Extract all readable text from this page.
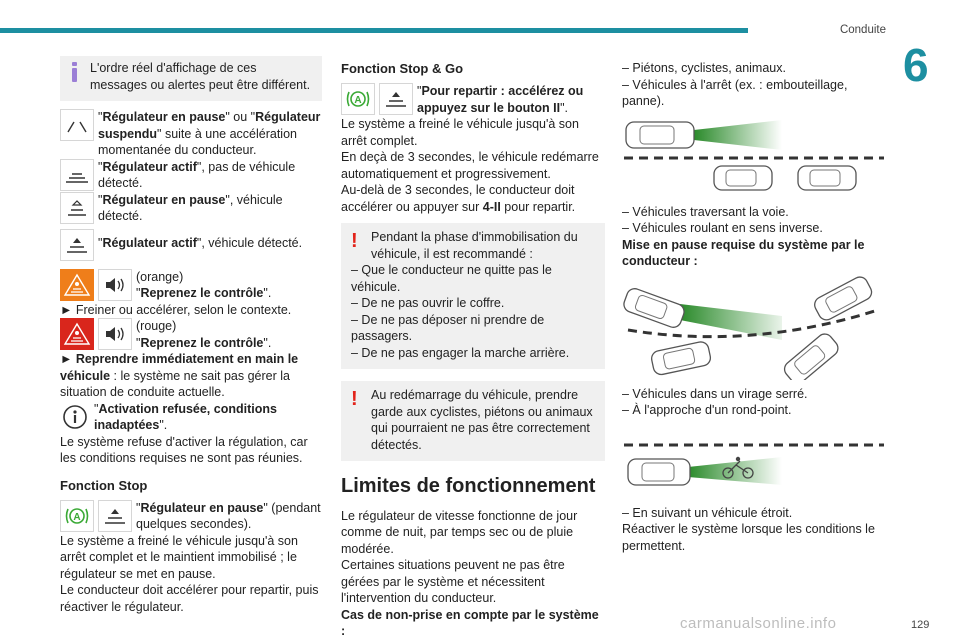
Conduite
6
129
carmanualsonline.info

L'ordre réel d'affichage de ces messages ou alertes peut être différent.

"Régulateur en pause" ou "Régulateur suspendu" suite à une accélération momentanée du conducteur.

"Régulateur actif", pas de véhicule détecté.

"Régulateur en pause", véhicule détecté.

"Régulateur actif", véhicule détecté.

(orange)
"Reprenez le contrôle".

► Freiner ou accélérer, selon le contexte.

(rouge)
"Reprenez le contrôle".

► Reprendre immédiatement en main le véhicule : le système ne sait pas gérer la situation de conduite actuelle.

"Activation refusée, conditions inadaptées".

Le système refuse d'activer la régulation, car les conditions requises ne sont pas réunies.

Fonction Stop
A

"Régulateur en pause" (pendant quelques secondes).

Le système a freiné le véhicule jusqu'à son arrêt complet et le maintient immobilisé ; le régulateur se met en pause.

Le conducteur doit accélérer pour repartir, puis réactiver le régulateur.

Fonction Stop & Go
A

"Pour repartir : accélérez ou appuyez sur le bouton II".

Le système a freiné le véhicule jusqu'à son arrêt complet.

En deçà de 3 secondes, le véhicule redémarre automatiquement et progressivement.

Au-delà de 3 secondes, le conducteur doit accélérer ou appuyer sur 4-II pour repartir.

!	Pendant la phase d'immobilisation du véhicule, il est recommandé :

– Que le conducteur ne quitte pas le véhicule.

– De ne pas ouvrir le coffre.

– De ne pas déposer ni prendre de passagers.

– De ne pas engager la marche arrière.

!	Au redémarrage du véhicule, prendre garde aux cyclistes, piétons ou animaux qui pourraient ne pas être correctement détectés.

Limites de fonctionnement

Le régulateur de vitesse fonctionne de jour comme de nuit, par temps sec ou de pluie modérée.

Certaines situations peuvent ne pas être gérées par le système et nécessitent l'intervention du conducteur.

Cas de non-prise en compte par le système :

– Piétons, cyclistes, animaux.

– Véhicules à l'arrêt (ex. : embouteillage, panne).

– Véhicules traversant la voie.

– Véhicules roulant en sens inverse.

Mise en pause requise du système par le conducteur :

– Véhicules dans un virage serré.

– À l'approche d'un rond-point.

– En suivant un véhicule étroit.

Réactiver le système lorsque les conditions le permettent.
